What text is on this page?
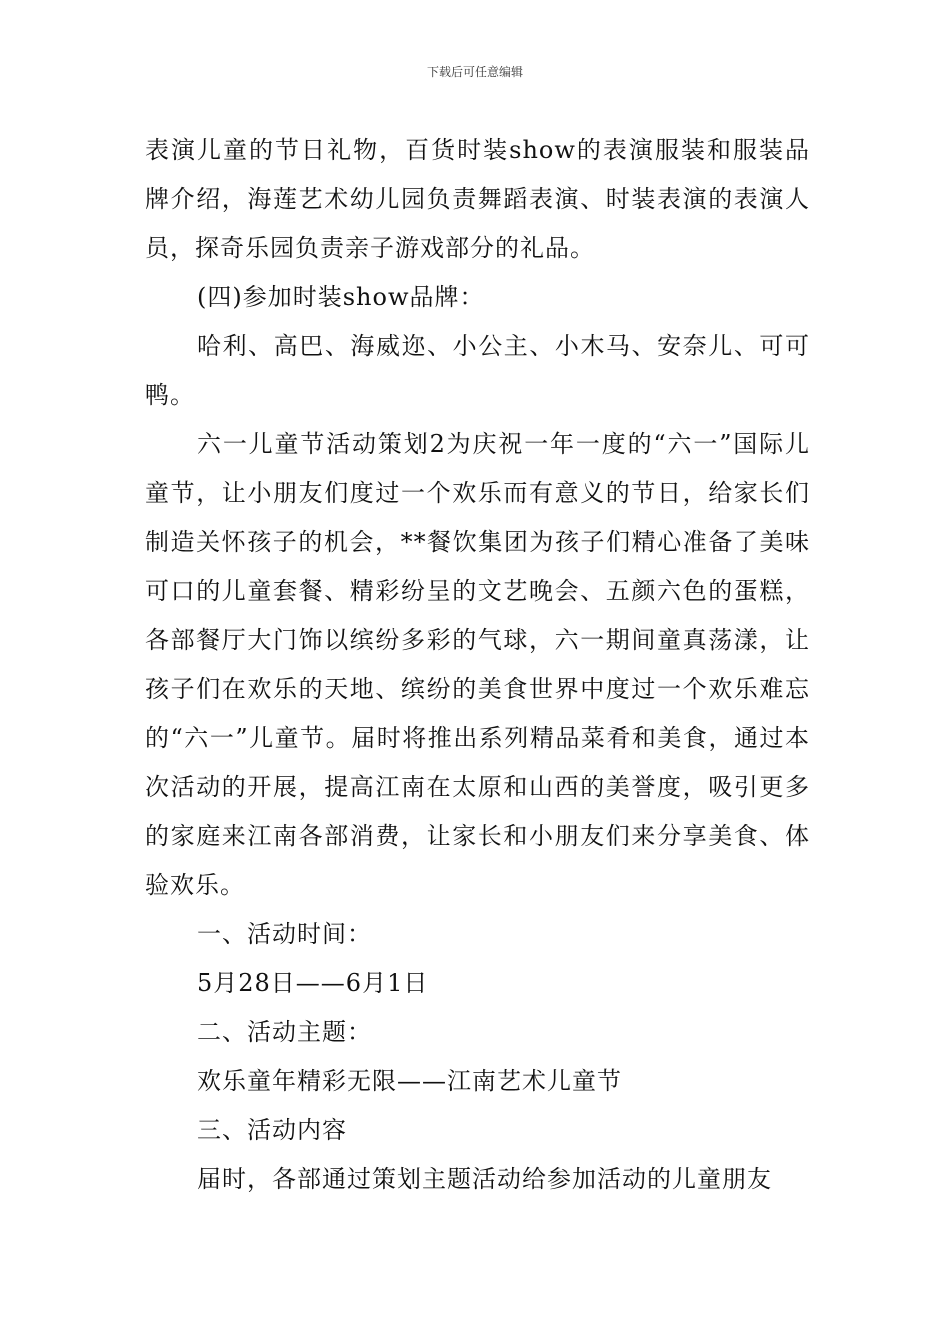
下载后可任意编辑

表演儿童的节日礼物，百货时装show的表演服装和服装品牌介绍，海莲艺术幼儿园负责舞蹈表演、时装表演的表演人员，探奇乐园负责亲子游戏部分的礼品。

(四)参加时装show品牌：

哈利、高巴、海威迩、小公主、小木马、安奈儿、可可鸭。

六一儿童节活动策划2为庆祝一年一度的“六一”国际儿童节，让小朋友们度过一个欢乐而有意义的节日，给家长们制造关怀孩子的机会，**餐饮集团为孩子们精心准备了美味可口的儿童套餐、精彩纷呈的文艺晚会、五颜六色的蛋糕，各部餐厅大门饰以缤纷多彩的气球，六一期间童真荡漾，让孩子们在欢乐的天地、缤纷的美食世界中度过一个欢乐难忘的“六一”儿童节。届时将推出系列精品菜肴和美食，通过本次活动的开展，提高江南在太原和山西的美誉度，吸引更多的家庭来江南各部消费，让家长和小朋友们来分享美食、体验欢乐。

一、活动时间：

5月28日——6月1日

二、活动主题：

欢乐童年精彩无限——江南艺术儿童节

三、活动内容

届时，各部通过策划主题活动给参加活动的儿童朋友
